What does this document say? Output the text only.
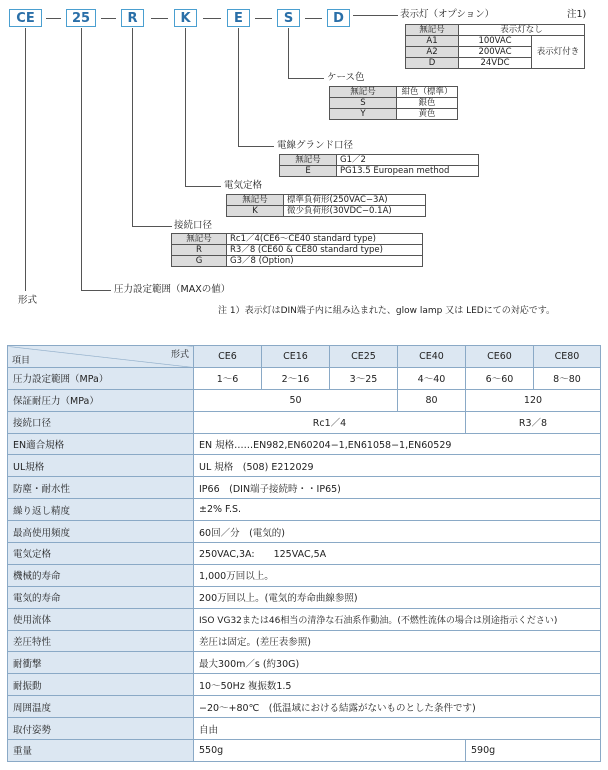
CE	25	R	K	E	S	D	表示灯（オプション）	注1)
無記号	表示灯なし	
A1	100VAC	表示灯付き
A2	200VAC	
D	24VDC	
ケース色
無記号	紺色（標準）
S	銀色
Y	黄色
電線グランド口径
無記号	G1／2
E	PG13.5 European method
電気定格
無記号	標準負荷形(250VAC−3A)
K	微少負荷形(30VDC−0.1A)
接続口径
無記号	Rc1／4(CE6〜CE40 standard type)
R	R3／8 (CE60 & CE80 standard type)
G	G3／8 (Option)
圧力設定範囲（MAXの値）
形式
注 1）表示灯はDIN端子内に組み込まれた、glow lamp 又は LEDにての対応です。
形式
項目	CE6	CE16	CE25	CE40	CE60	CE80
圧力設定範囲（MPa）	1〜6	2〜16	3〜25	4〜40	6〜60	8〜80
保証耐圧力（MPa）	50			80	120	
接続口径	Rc1／4				R3／8	
EN適合規格	EN 規格……EN982,EN60204−1,EN61058−1,EN60529					
UL規格	UL 規格　(508) E212029					
防塵・耐水性	IP66　(DIN端子接続時・・IP65)					
繰り返し精度	±2% F.S.					
最高使用頻度	60回／分　(電気的)					
電気定格	250VAC,3A:　　125VAC,5A					
機械的寿命	1,000万回以上。					
電気的寿命	200万回以上。(電気的寿命曲線参照)					
使用流体	ISO VG32または46相当の清浄な石油系作動油。(不燃性流体の場合は別途指示ください)					
差圧特性	差圧は固定。(差圧表参照)					
耐衝撃	最大300m／s (約30G)					
耐振動	10〜50Hz 複振数1.5					
周囲温度	−20〜+80℃　(低温域における結露がないものとした条件です)					
取付姿勢	自由					
重量	550g				590g	
